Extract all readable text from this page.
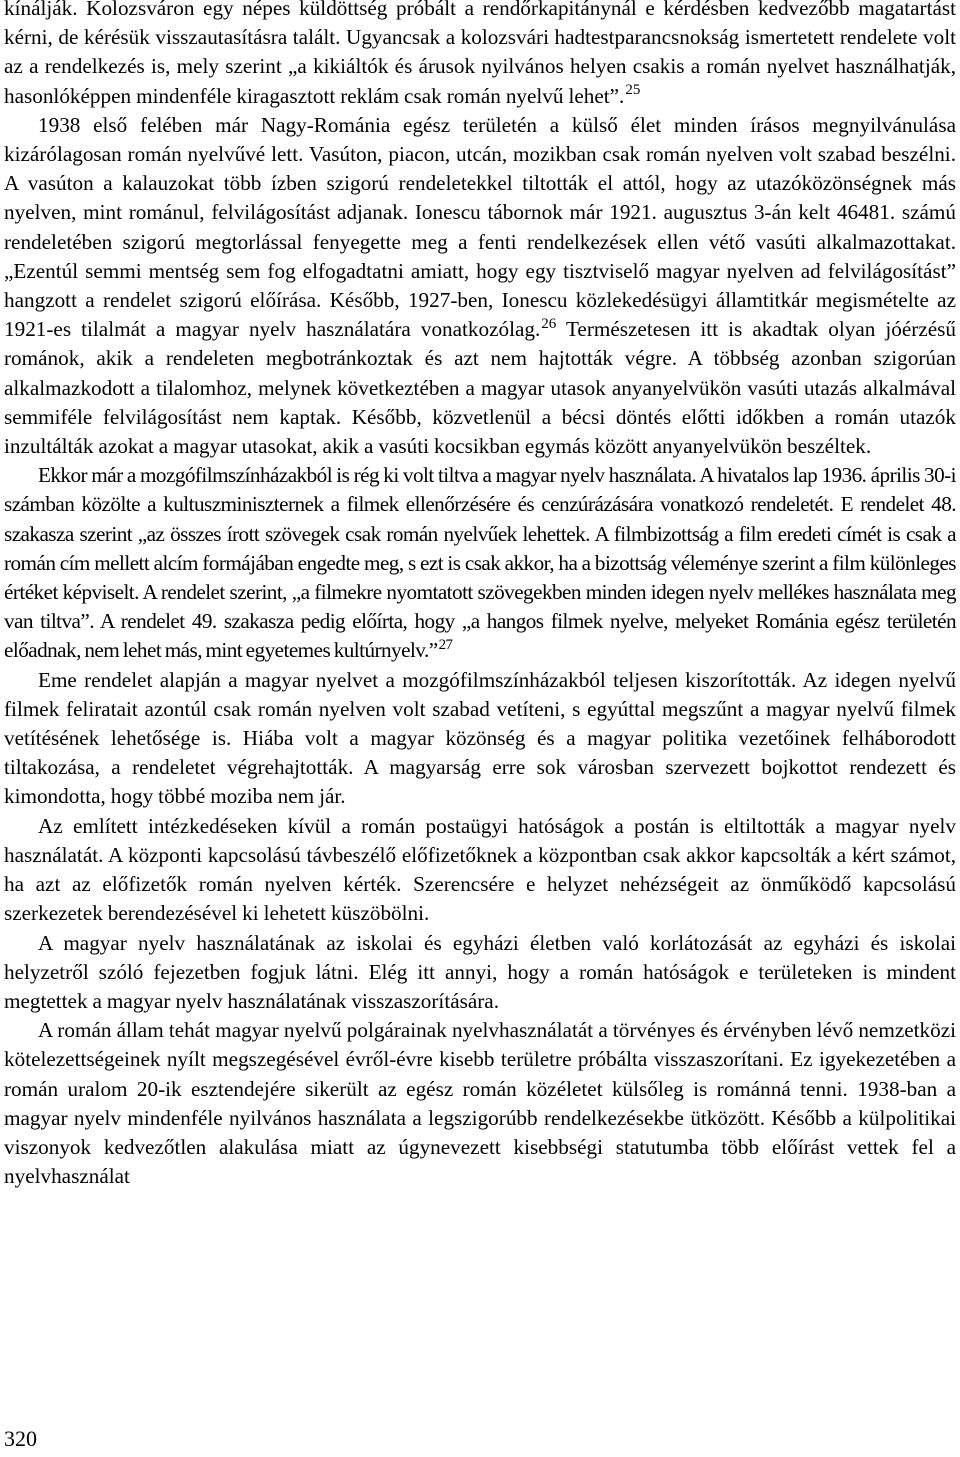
kínálják. Kolozsváron egy népes küldöttség próbált a rendőrkapitánynál e kérdésben kedvezőbb magatartást kérni, de kérésük visszautasításra talált. Ugyancsak a kolozsvári hadtestparancsnokság ismertetett rendelete volt az a rendelkezés is, mely szerint „a kikiáltók és árusok nyilvános helyen csakis a román nyelvet használhatják, hasonlóképpen mindenféle kiragasztott reklám csak román nyelvű lehet”.$^{25}$

1938 első felében már Nagy-Románia egész területén a külső élet minden írásos megnyilvánulása kizárólagosan román nyelvűvé lett. Vasúton, piacon, utcán, mozikban csak román nyelven volt szabad beszélni. A vasúton a kalauzokat több ízben szigorú rendeletekkel tiltották el attól, hogy az utazóközönségnek más nyelven, mint románul, felvilágosítást adjanak. Ionescu tábornok már 1921. augusztus 3-án kelt 46481. számú rendeletében szigorú megtorlással fenyegette meg a fenti rendelkezések ellen vétő vasúti alkalmazottakat. „Ezentúl semmi mentség sem fog elfogadtatni amiatt, hogy egy tisztviselő magyar nyelven ad felvilágosítást” hangzott a rendelet szigorú előírása. Később, 1927-ben, Ionescu közlekedésügyi államtitkár megismételte az 1921-es tilalmát a magyar nyelv használatára vonatkozólag.$^{26}$ Természetesen itt is akadtak olyan jóérzésű románok, akik a rendeleten megbotránkoztak és azt nem hajtották végre. A többség azonban szigorúan alkalmazkodott a tilalomhoz, melynek következtében a magyar utasok anyanyelvükön vasúti utazás alkalmával semmiféle felvilágosítást nem kaptak. Később, közvetlenül a bécsi döntés előtti időkben a román utazók inzultálták azokat a magyar utasokat, akik a vasúti kocsikban egymás között anyanyelvükön beszéltek.

Ekkor már a mozgófilmszínházakból is rég ki volt tiltva a magyar nyelv használata. A hivatalos lap 1936. április 30-i számban közölte a kultuszminiszternek a filmek ellenőrzésére és cenzúrázására vonatkozó rendeletét. E rendelet 48. szakasza szerint „az összes írott szövegek csak román nyelvűek lehettek. A filmbizottság a film eredeti címét is csak a román cím mellett alcím formájában engedte meg, s ezt is csak akkor, ha a bizottság véleménye szerint a film különleges értéket képviselt. A rendelet szerint, „a filmekre nyomtatott szövegekben minden idegen nyelv mellékes használata meg van tiltva”. A rendelet 49. szakasza pedig előírta, hogy „a hangos filmek nyelve, melyeket Románia egész területén előadnak, nem lehet más, mint egyetemes kultúrnyelv.”$^{27}$

Eme rendelet alapján a magyar nyelvet a mozgófilmszínházakból teljesen kiszorították. Az idegen nyelvű filmek feliratait azontúl csak román nyelven volt szabad vetíteni, s egyúttal megszűnt a magyar nyelvű filmek vetítésének lehetősége is. Hiába volt a magyar közönség és a magyar politika vezetőinek felháborodott tiltakozása, a rendeletet végrehajtották. A magyarság erre sok városban szervezett bojkottot rendezett és kimondotta, hogy többé moziba nem jár.

Az említett intézkedéseken kívül a román postaügyi hatóságok a postán is eltiltották a magyar nyelv használatát. A központi kapcsolású távbeszélő előfizetőknek a központban csak akkor kapcsolták a kért számot, ha azt az előfizetők román nyelven kérték. Szerencsére e helyzet nehézségeit az önműködő kapcsolású szerkezetek berendezésével ki lehetett küszöbölni.

A magyar nyelv használatának az iskolai és egyházi életben való korlátozását az egyházi és iskolai helyzetről szóló fejezetben fogjuk látni. Elég itt annyi, hogy a román hatóságok e területeken is mindent megtettek a magyar nyelv használatának visszaszorítására.

A román állam tehát magyar nyelvű polgárainak nyelvhasználatát a törvényes és érvényben lévő nemzetközi kötelezettségeinek nyílt megszegésével évről-évre kisebb területre próbálta visszaszorítani. Ez igyekezetében a román uralom 20-ik esztendejére sikerült az egész román közéletet külsőleg is románná tenni. 1938-ban a magyar nyelv mindenféle nyilvános használata a legszigorúbb rendelkezésekbe ütközött. Később a külpolitikai viszonyok kedvezőtlen alakulása miatt az úgynevezett kisebbségi statutumba több előírást vettek fel a nyelvhasználat

320
